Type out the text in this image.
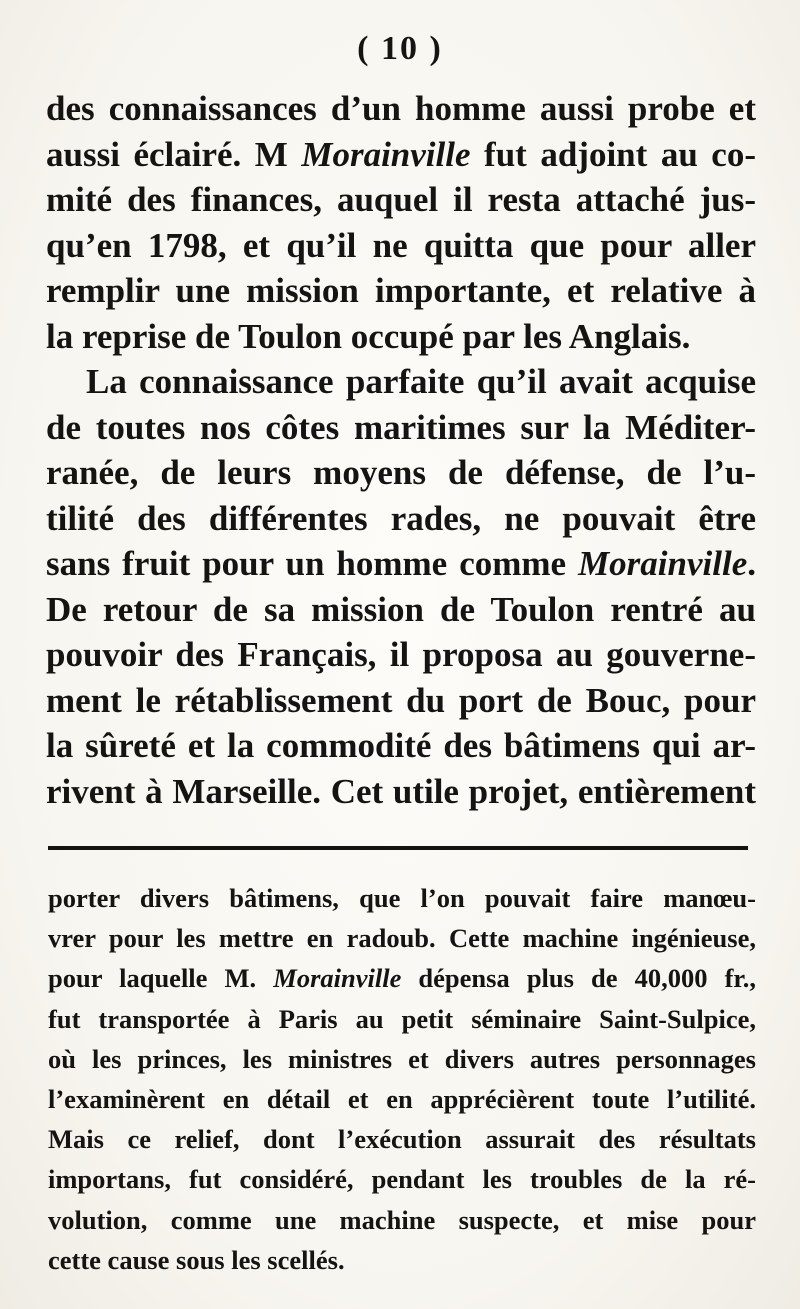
( 10 )
des connaissances d’un homme aussi probe et
aussi éclairé. M Morainville fut adjoint au co-
mité des finances, auquel il resta attaché jus-
qu’en 1798, et qu’il ne quitta que pour aller
remplir une mission importante, et relative à
la reprise de Toulon occupé par les Anglais.
La connaissance parfaite qu’il avait acquise
de toutes nos côtes maritimes sur la Méditer-
ranée, de leurs moyens de défense, de l’u-
tilité des différentes rades, ne pouvait être
sans fruit pour un homme comme Morainville.
De retour de sa mission de Toulon rentré au
pouvoir des Français, il proposa au gouverne-
ment le rétablissement du port de Bouc, pour
la sûreté et la commodité des bâtimens qui ar-
rivent à Marseille. Cet utile projet, entièrement
porter divers bâtimens, que l’on pouvait faire manœu-
vrer pour les mettre en radoub. Cette machine ingénieuse,
pour laquelle M. Morainville dépensa plus de 40,000 fr.,
fut transportée à Paris au petit séminaire Saint-Sulpice,
où les princes, les ministres et divers autres personnages
l’examinèrent en détail et en apprécièrent toute l’utilité.
Mais ce relief, dont l’exécution assurait des résultats
importans, fut considéré, pendant les troubles de la ré-
volution, comme une machine suspecte, et mise pour
cette cause sous les scellés.
